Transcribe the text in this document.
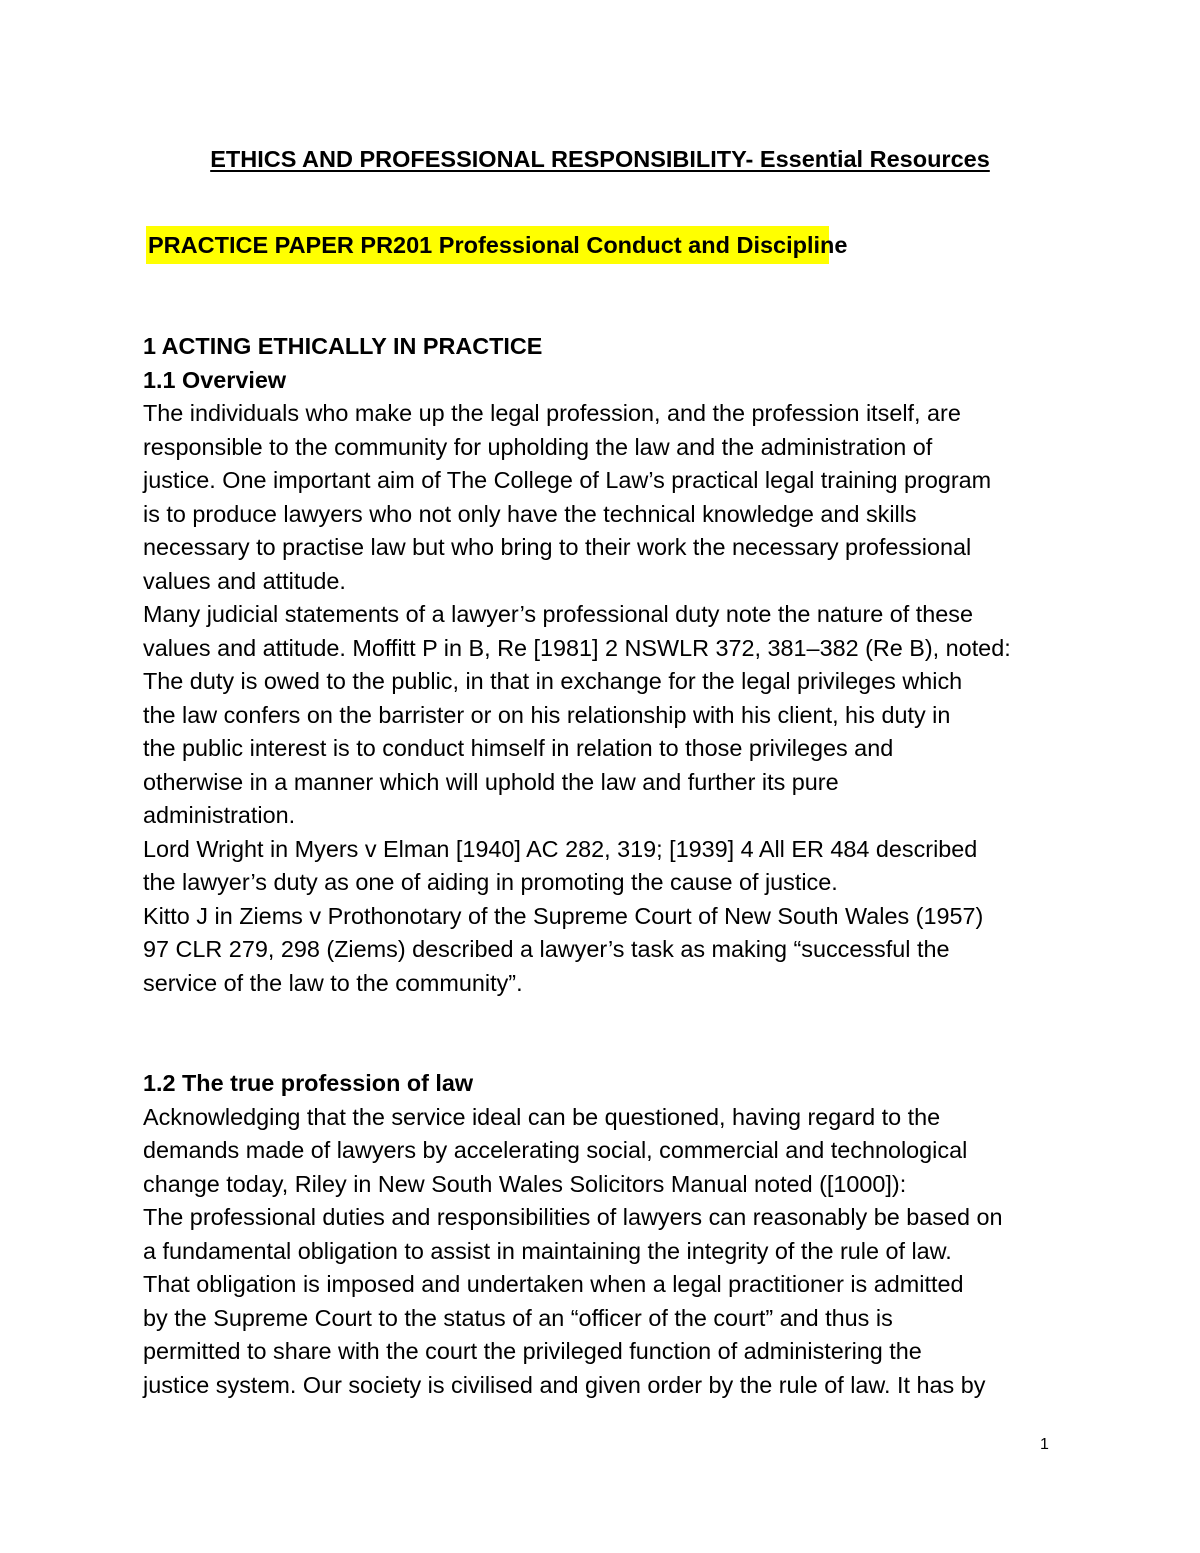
ETHICS AND PROFESSIONAL RESPONSIBILITY- Essential Resources
PRACTICE PAPER PR201 Professional Conduct and Discipline
1 ACTING ETHICALLY IN PRACTICE
1.1 Overview
The individuals who make up the legal profession, and the profession itself, are
responsible to the community for upholding the law and the administration of
justice. One important aim of The College of Law’s practical legal training program
is to produce lawyers who not only have the technical knowledge and skills
necessary to practise law but who bring to their work the necessary professional
values and attitude.
Many judicial statements of a lawyer’s professional duty note the nature of these
values and attitude. Moffitt P in B, Re [1981] 2 NSWLR 372, 381–382 (Re B), noted:
The duty is owed to the public, in that in exchange for the legal privileges which
the law confers on the barrister or on his relationship with his client, his duty in
the public interest is to conduct himself in relation to those privileges and
otherwise in a manner which will uphold the law and further its pure
administration.
Lord Wright in Myers v Elman [1940] AC 282, 319; [1939] 4 All ER 484 described
the lawyer’s duty as one of aiding in promoting the cause of justice.
Kitto J in Ziems v Prothonotary of the Supreme Court of New South Wales (1957)
97 CLR 279, 298 (Ziems) described a lawyer’s task as making “successful the
service of the law to the community”.
1.2 The true profession of law
Acknowledging that the service ideal can be questioned, having regard to the
demands made of lawyers by accelerating social, commercial and technological
change today, Riley in New South Wales Solicitors Manual noted ([1000]):
The professional duties and responsibilities of lawyers can reasonably be based on
a fundamental obligation to assist in maintaining the integrity of the rule of law.
That obligation is imposed and undertaken when a legal practitioner is admitted
by the Supreme Court to the status of an “officer of the court” and thus is
permitted to share with the court the privileged function of administering the
justice system. Our society is civilised and given order by the rule of law. It has by
1
